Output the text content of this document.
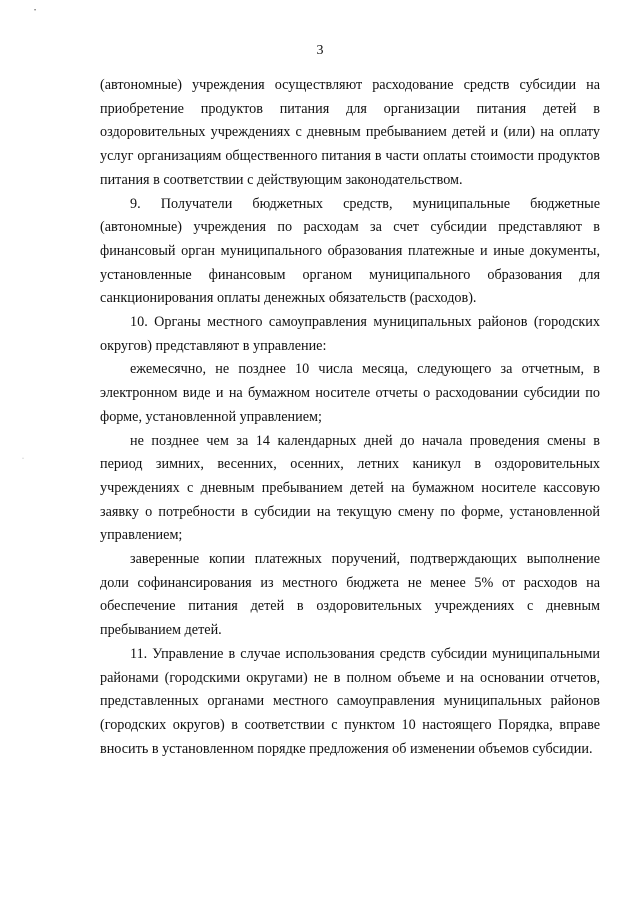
•
·
3

(автономные) учреждения осуществляют расходование средств субсидии на приобретение продуктов питания для организации питания детей в оздоровительных учреждениях с дневным пребыванием детей и (или) на оплату услуг организациям общественного питания в части оплаты стоимости продуктов питания в соответствии с действующим законодательством.

9. Получатели бюджетных средств, муниципальные бюджетные (автономные) учреждения по расходам за счет субсидии представляют в финансовый орган муниципального образования платежные и иные документы, установленные финансовым органом муниципального образования для санкционирования оплаты денежных обязательств (расходов).

10. Органы местного самоуправления муниципальных районов (городских округов) представляют в управление:

ежемесячно, не позднее 10 числа месяца, следующего за отчетным, в электронном виде и на бумажном носителе отчеты о расходовании субсидии по форме, установленной управлением;

не позднее чем за 14 календарных дней до начала проведения смены в период зимних, весенних, осенних, летних каникул в оздоровительных учреждениях с дневным пребыванием детей на бумажном носителе кассовую заявку о потребности в субсидии на текущую смену по форме, установленной управлением;

заверенные копии платежных поручений, подтверждающих выполнение доли софинансирования из местного бюджета не менее 5% от расходов на обеспечение питания детей в оздоровительных учреждениях с дневным пребыванием детей.

11. Управление в случае использования средств субсидии муниципальными районами (городскими округами) не в полном объеме и на основании отчетов, представленных органами местного самоуправления муниципальных районов (городских округов) в соответствии с пунктом 10 настоящего Порядка, вправе вносить в установленном порядке предложения об изменении объемов субсидии.
